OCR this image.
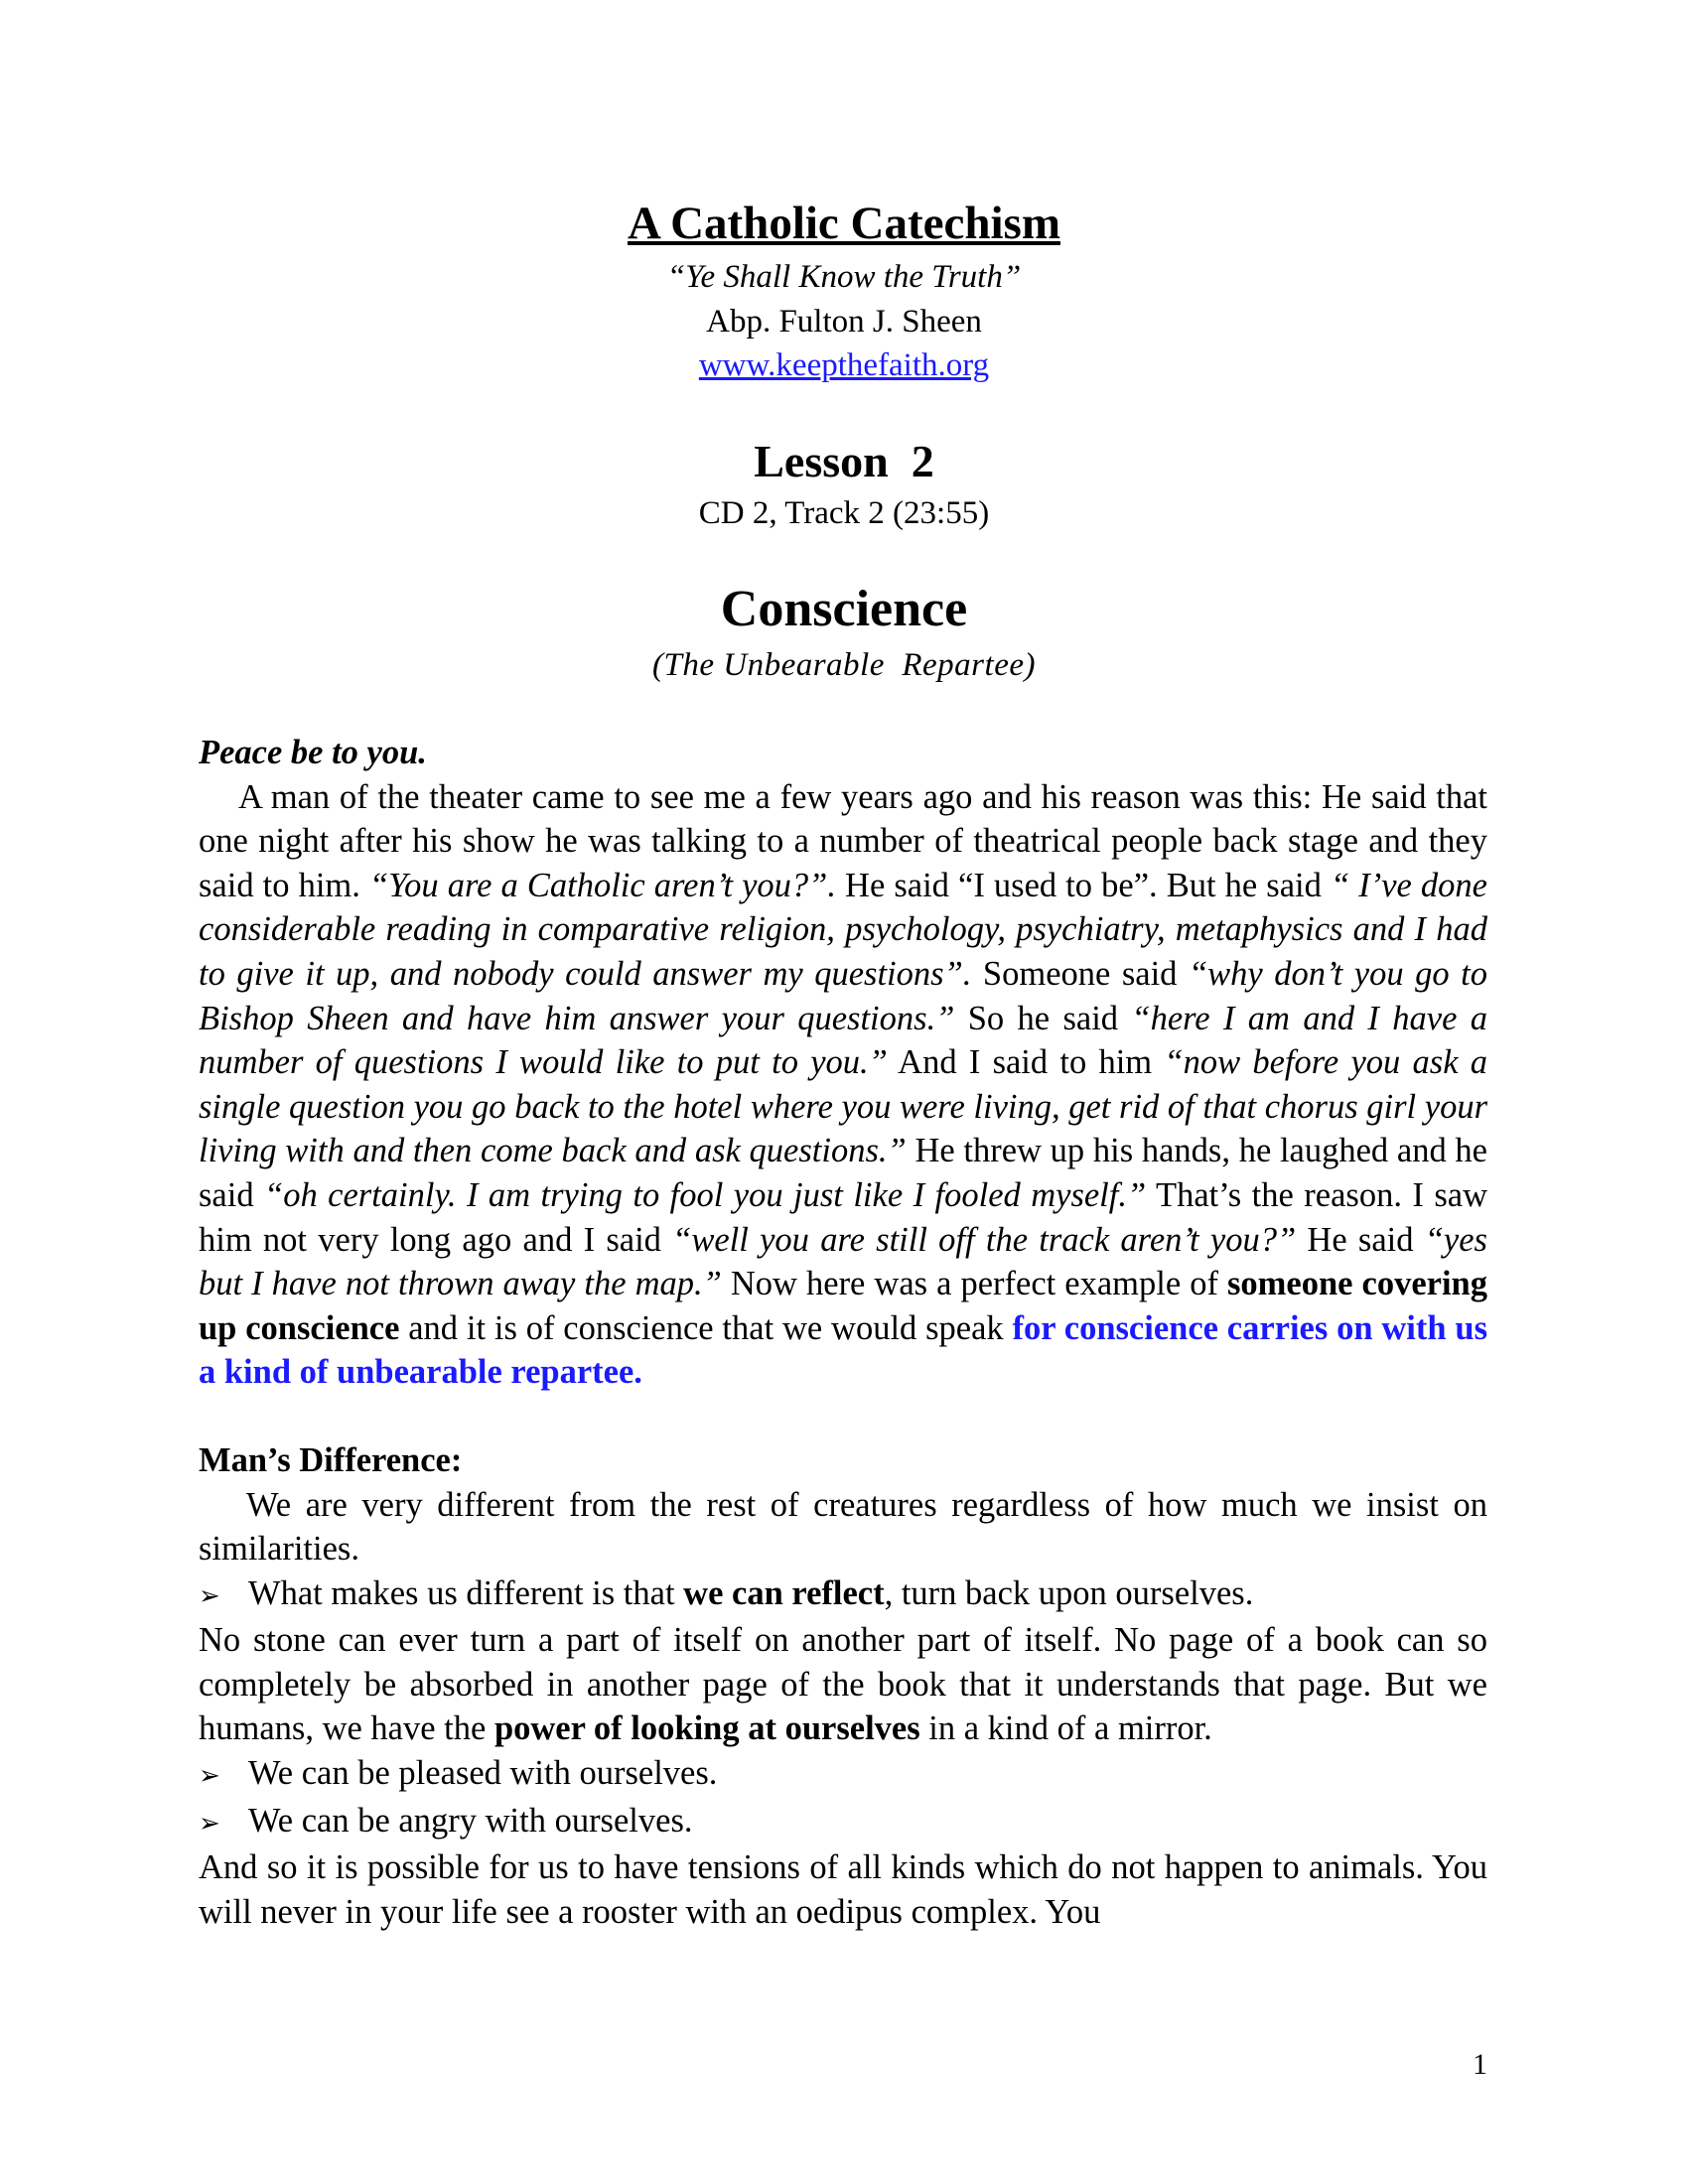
A Catholic Catechism
“Ye Shall Know the Truth”
Abp. Fulton J. Sheen
www.keepthefaith.org
Lesson  2
CD 2, Track 2 (23:55)
Conscience
(The Unbearable  Repartee)

Peace be to you.

A man of the theater came to see me a few years ago and his reason was this: He said that one night after his show he was talking to a number of theatrical people back stage and they said to him. “You are a Catholic aren’t you?”. He said “I used to be”. But he said “ I’ve done considerable reading in comparative religion, psychology, psychiatry, metaphysics and I had to give it up, and nobody could answer my questions”. Someone said “why don’t you go to Bishop Sheen and have him answer your questions.” So he said “here I am and I have a number of questions I would like to put to you.” And I said to him “now before you ask a single question you go back to the hotel where you were living, get rid of that chorus girl your living with and then come back and ask questions.” He threw up his hands, he laughed and he said “oh certainly. I am trying to fool you just like I fooled myself.” That’s the reason. I saw him not very long ago and I said “well you are still off the track aren’t you?” He said “yes but I have not thrown away the map.” Now here was a perfect example of someone covering up conscience and it is of conscience that we would speak for conscience carries on with us a kind of unbearable repartee.

Man’s Difference:

We are very different from the rest of creatures regardless of how much we insist on similarities.

➢ What makes us different is that we can reflect, turn back upon ourselves.

No stone can ever turn a part of itself on another part of itself. No page of a book can so completely be absorbed in another page of the book that it understands that page. But we humans, we have the power of looking at ourselves in a kind of a mirror.

➢ We can be pleased with ourselves.
➢ We can be angry with ourselves.

And so it is possible for us to have tensions of all kinds which do not happen to animals. You will never in your life see a rooster with an oedipus complex. You

1
